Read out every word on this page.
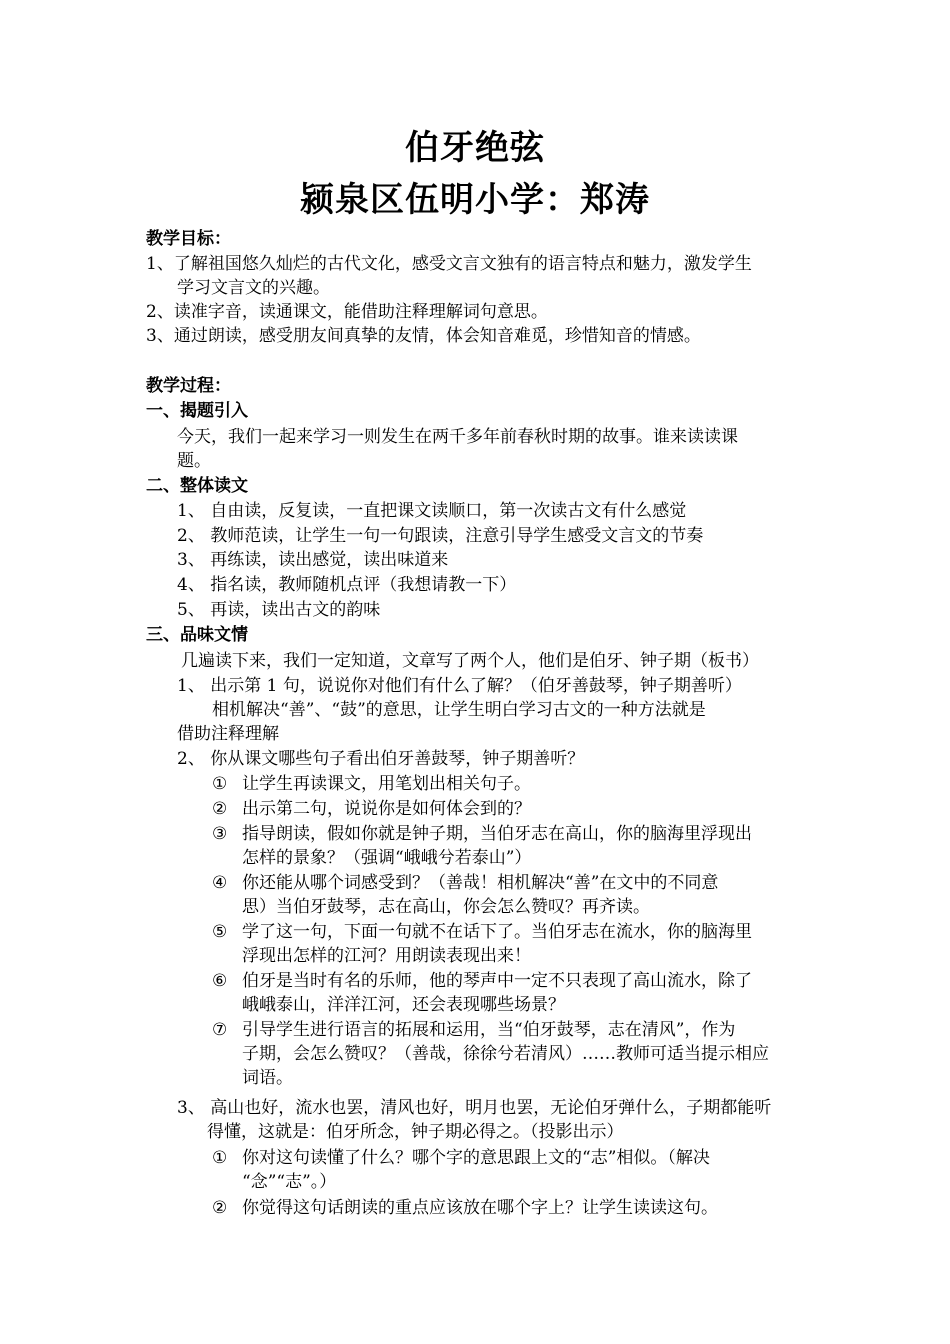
伯牙绝弦
颍泉区伍明小学：郑涛
教学目标：
1、了解祖国悠久灿烂的古代文化，感受文言文独有的语言特点和魅力，激发学生
学习文言文的兴趣。
2、读准字音，读通课文，能借助注释理解词句意思。
3、通过朗读，感受朋友间真挚的友情，体会知音难觅，珍惜知音的情感。
教学过程：
一、揭题引入
今天，我们一起来学习一则发生在两千多年前春秋时期的故事。谁来读读课
题。
二、整体读文
1、 自由读，反复读，一直把课文读顺口，第一次读古文有什么感觉
2、 教师范读，让学生一句一句跟读，注意引导学生感受文言文的节奏
3、 再练读，读出感觉，读出味道来
4、 指名读，教师随机点评（我想请教一下）
5、 再读，读出古文的韵味
三、品味文情
几遍读下来，我们一定知道，文章写了两个人，他们是伯牙、钟子期（板书）
1、 出示第 1 句，说说你对他们有什么了解？（伯牙善鼓琴，钟子期善听）
相机解决“善”、“鼓”的意思，让学生明白学习古文的一种方法就是
借助注释理解
2、 你从课文哪些句子看出伯牙善鼓琴，钟子期善听？
① 让学生再读课文，用笔划出相关句子。
② 出示第二句，说说你是如何体会到的？
③ 指导朗读，假如你就是钟子期，当伯牙志在高山，你的脑海里浮现出
怎样的景象？（强调“峨峨兮若泰山”）
④ 你还能从哪个词感受到？（善哉！相机解决“善”在文中的不同意
思）当伯牙鼓琴，志在高山，你会怎么赞叹？再齐读。
⑤ 学了这一句，下面一句就不在话下了。当伯牙志在流水，你的脑海里
浮现出怎样的江河？用朗读表现出来！
⑥ 伯牙是当时有名的乐师，他的琴声中一定不只表现了高山流水，除了
峨峨泰山，洋洋江河，还会表现哪些场景？
⑦ 引导学生进行语言的拓展和运用，当“伯牙鼓琴，志在清风”，作为
子期，会怎么赞叹？（善哉，徐徐兮若清风）……教师可适当提示相应
词语。
3、 高山也好，流水也罢，清风也好，明月也罢，无论伯牙弹什么，子期都能听
得懂，这就是：伯牙所念，钟子期必得之。（投影出示）
① 你对这句读懂了什么？哪个字的意思跟上文的“志”相似。（解决
“念”“志”。）
② 你觉得这句话朗读的重点应该放在哪个字上？让学生读读这句。
